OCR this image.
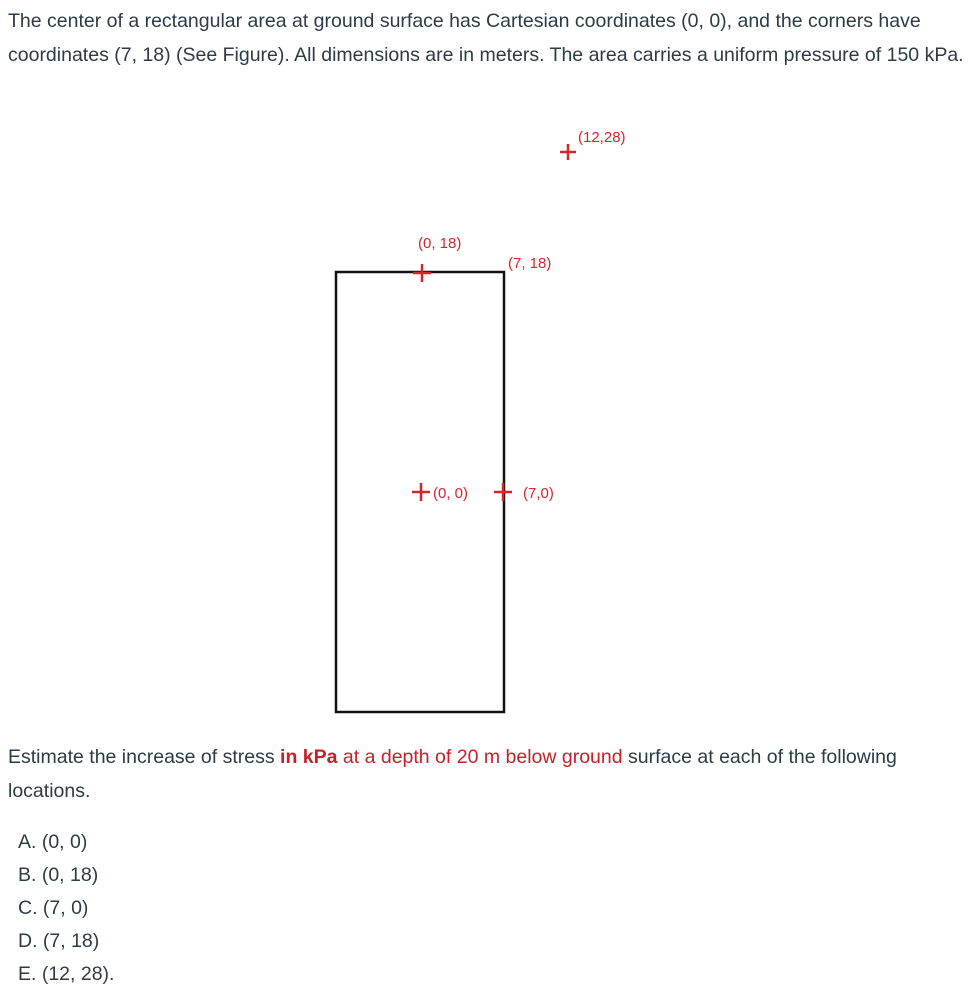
The center of a rectangular area at ground surface has Cartesian coordinates (0, 0), and the corners have coordinates (7, 18) (See Figure). All dimensions are in meters. The area carries a uniform pressure of 150 kPa.

(12,28)
(0, 18)
(7, 18)
(0, 0)	(7,0)

Estimate the increase of stress in kPa at a depth of 20 m below ground surface at each of the following locations.

A. (0, 0)
B. (0, 18)
C. (7, 0)
D. (7, 18)
E. (12, 28).
